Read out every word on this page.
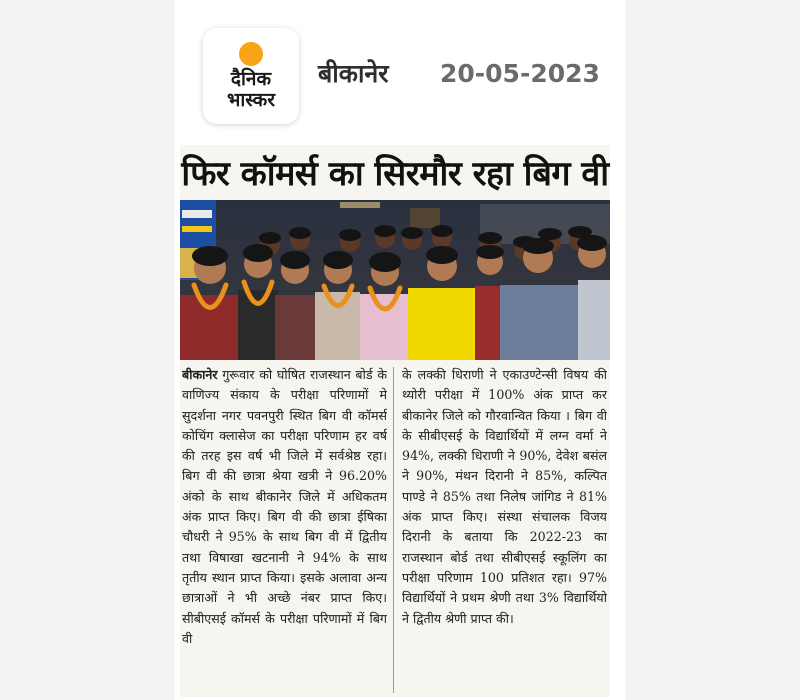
दैनिक
भास्कर
बीकानेर 20-05-2023
फिर कॉमर्स का सिरमौर रहा बिग वी
बीकानेर गुरूवार को घोषित राजस्थान बोर्ड के वाणिज्य संकाय के परीक्षा परिणामों मे सुदर्शना नगर पवनपुरी स्थित बिग वी कॉमर्स कोचिंग क्लासेज का परीक्षा परिणाम हर वर्ष की तरह इस वर्ष भी जिले में सर्वश्रेष्ठ रहा। बिग वी की छात्रा श्रेया खत्री ने 96.20% अंको के साथ बीकानेर जिले में अधिकतम अंक प्राप्त किए। बिग वी की छात्रा ईषिका चौधरी ने 95% के साथ बिग वी में द्वितीय तथा विषाखा खटनानी ने 94% के साथ तृतीय स्थान प्राप्त किया। इसके अलावा अन्य छात्राओं ने भी अच्छे नंबर प्राप्त किए। सीबीएसई कॉमर्स के परीक्षा परिणामों में बिग वी
के लक्की धिराणी ने एकाउण्टेन्सी विषय की थ्योरी परीक्षा में 100% अंक प्राप्त कर बीकानेर जिले को गौरवान्वित किया । बिग वी के सीबीएसई के विद्यार्थियों में लग्न वर्मा ने 94%, लक्की धिराणी ने 90%, देवेश बसंल ने 90%, मंथन दिरानी ने 85%, कल्पित पाण्डे ने 85% तथा निलेष जांगिड ने 81% अंक प्राप्त किए। संस्था संचालक विजय दिरानी के बताया कि 2022-23 का राजस्थान बोर्ड तथा सीबीएसई स्कूलिंग का परीक्षा परिणाम 100 प्रतिशत रहा। 97% विद्यार्थियों ने प्रथम श्रेणी तथा 3% विद्यार्थियो ने द्वितीय श्रेणी प्राप्त की।
